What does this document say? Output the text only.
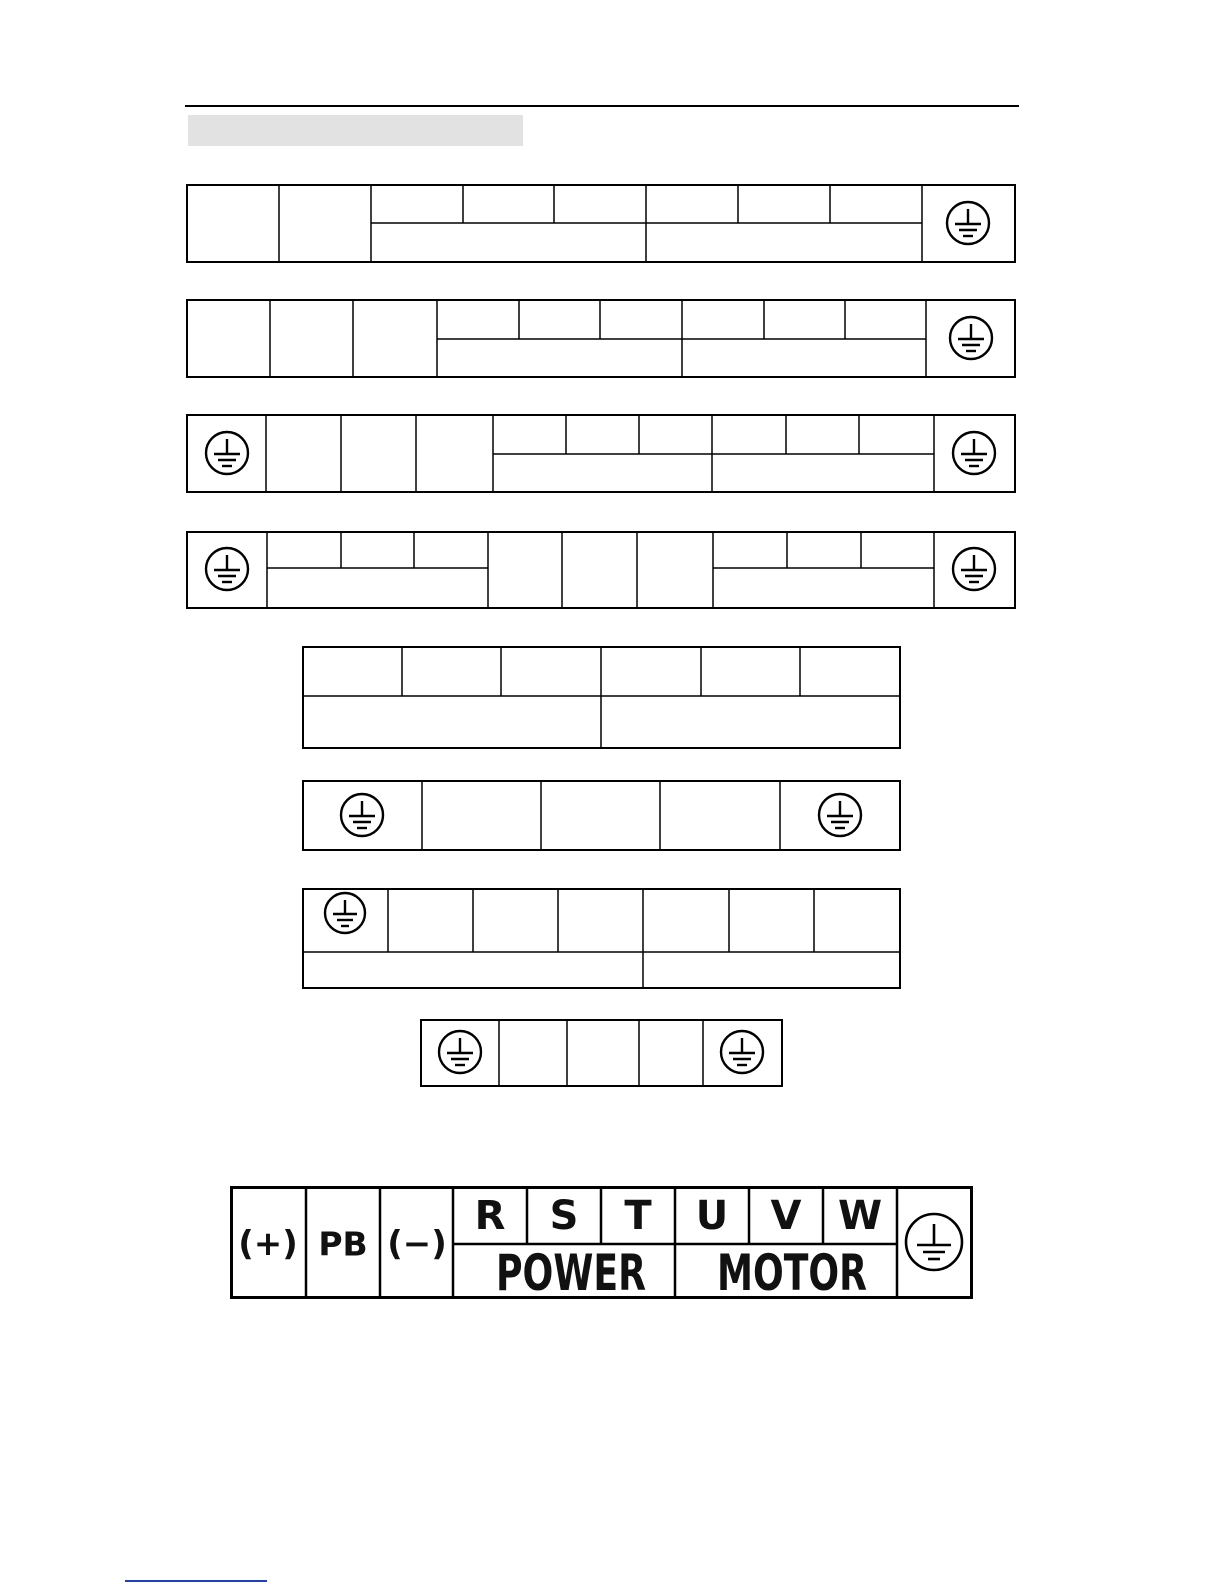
(+) PB (−)
R S T U V W
POWER MOTOR
